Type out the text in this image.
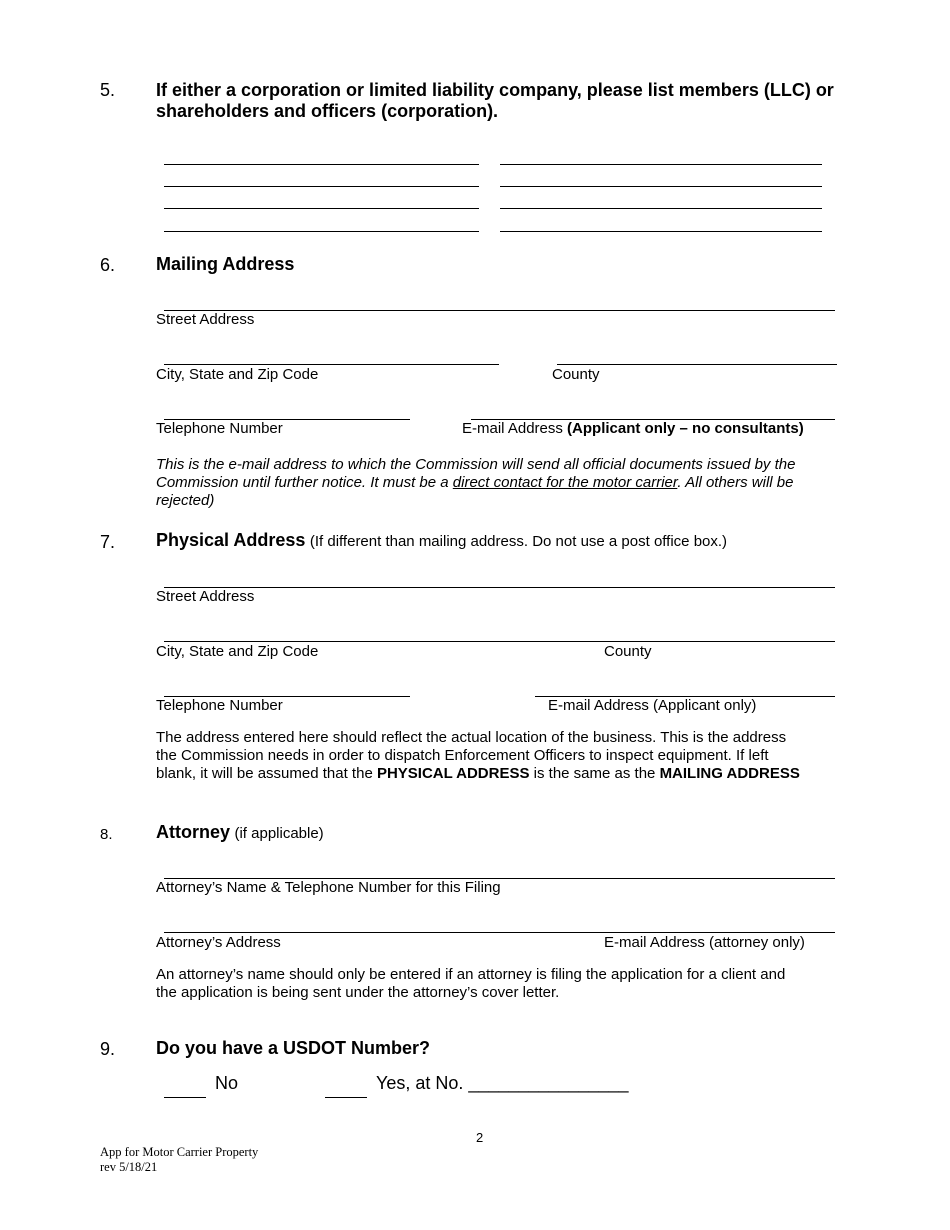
5. If either a corporation or limited liability company, please list members (LLC) or
shareholders and officers (corporation).
6. Mailing Address
Street Address
City, State and Zip Code	County
Telephone Number	E-mail Address (Applicant only – no consultants)
This is the e-mail address to which the Commission will send all official documents issued by the
Commission until further notice. It must be a direct contact for the motor carrier. All others will be
rejected)
7. Physical Address (If different than mailing address. Do not use a post office box.)
Street Address
City, State and Zip Code	County
Telephone Number	E-mail Address (Applicant only)
The address entered here should reflect the actual location of the business. This is the address
the Commission needs in order to dispatch Enforcement Officers to inspect equipment. If left
blank, it will be assumed that the PHYSICAL ADDRESS is the same as the MAILING ADDRESS
8. Attorney (if applicable)
Attorney’s Name & Telephone Number for this Filing
Attorney’s Address	E-mail Address (attorney only)
An attorney’s name should only be entered if an attorney is filing the application for a client and
the application is being sent under the attorney’s cover letter.
9. Do you have a USDOT Number?
No	Yes, at No. ________________
2
App for Motor Carrier Property
rev 5/18/21
